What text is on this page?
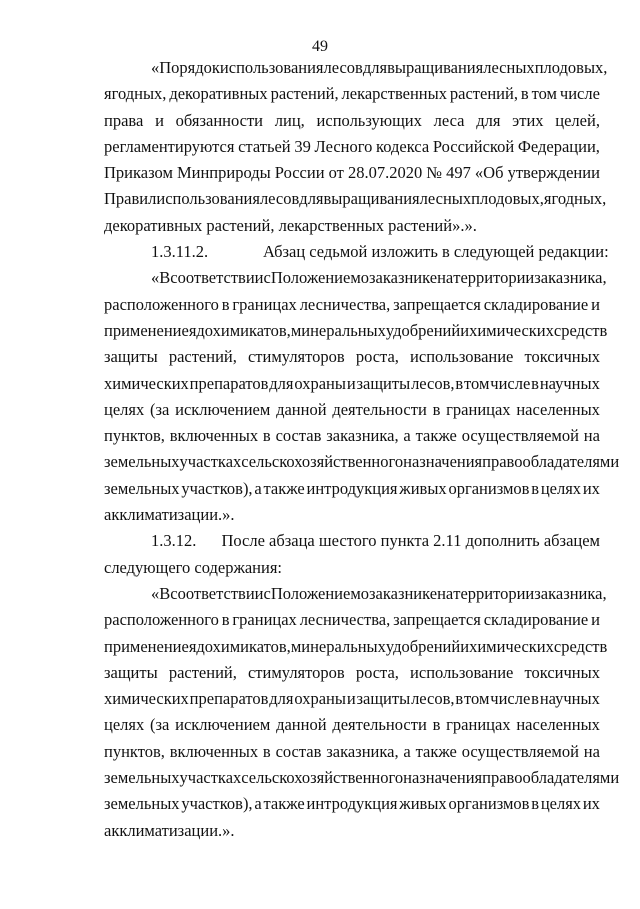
49
«Порядок использования лесов для выращивания лесных плодовых,
ягодных, декоративных растений, лекарственных растений, в том числе
права и обязанности лиц, использующих леса для этих целей,
регламентируются статьей 39 Лесного кодекса Российской Федерации,
Приказом Минприроды России от 28.07.2020 № 497 «Об утверждении
Правил использования лесов для выращивания лесных плодовых, ягодных,
декоративных растений, лекарственных растений».».
1.3.11.2.	Абзац седьмой изложить в следующей редакции:
«В соответствии с Положением о заказнике на территории заказника,
расположенного в границах лесничества, запрещается складирование и
применение ядохимикатов, минеральных удобрений и химических средств
защиты растений, стимуляторов роста, использование токсичных
химических препаратов для охраны и защиты лесов, в том числе в научных
целях (за исключением данной деятельности в границах населенных
пунктов, включенных в состав заказника, а также осуществляемой на
земельных участках сельскохозяйственного назначения правообладателями
земельных участков), а также интродукция живых организмов в целях их
акклиматизации.».
1.3.12. После абзаца шестого пункта 2.11 дополнить абзацем
следующего содержания:
«В соответствии с Положением о заказнике на территории заказника,
расположенного в границах лесничества, запрещается складирование и
применение ядохимикатов, минеральных удобрений и химических средств
защиты растений, стимуляторов роста, использование токсичных
химических препаратов для охраны и защиты лесов, в том числе в научных
целях (за исключением данной деятельности в границах населенных
пунктов, включенных в состав заказника, а также осуществляемой на
земельных участках сельскохозяйственного назначения правообладателями
земельных участков), а также интродукция живых организмов в целях их
акклиматизации.».
